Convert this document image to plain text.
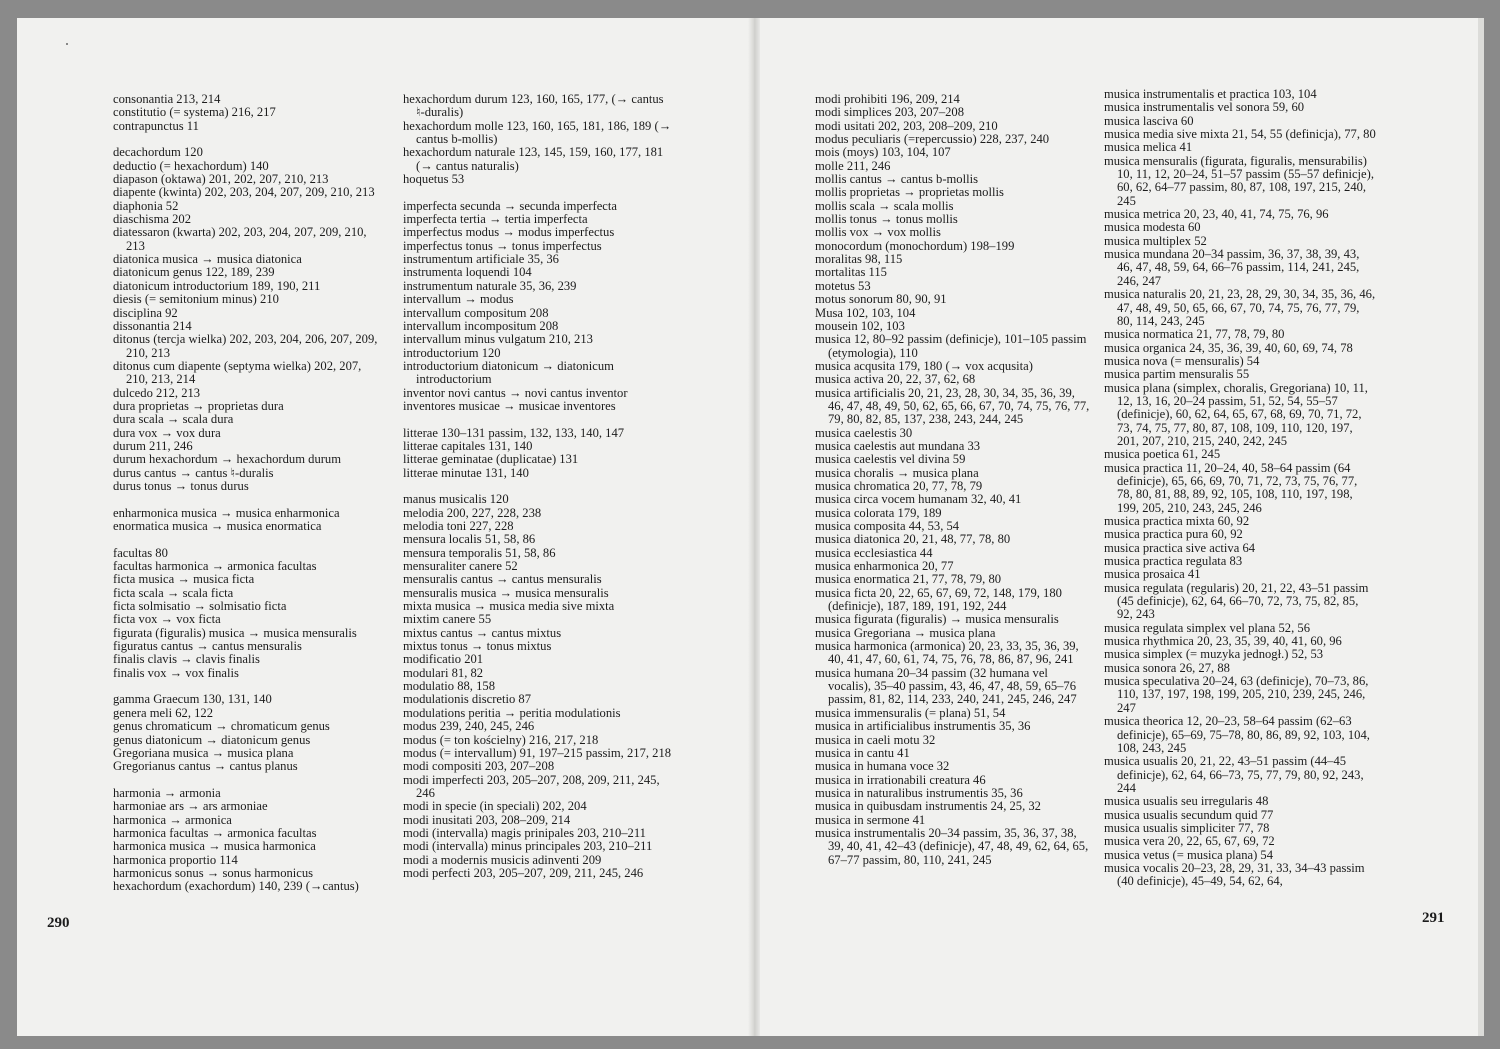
consonantia 213, 214
constitutio (= systema) 216, 217
contrapunctus 11
decachordum 120
deductio (= hexachordum) 140
diapason (oktawa) 201, 202, 207, 210, 213
diapente (kwinta) 202, 203, 204, 207, 209, 210, 213
diaphonia 52
diaschisma 202
diatessaron (kwarta) 202, 203, 204, 207, 209, 210, 213
diatonica musica → musica diatonica
diatonicum genus 122, 189, 239
diatonicum introductorium 189, 190, 211
diesis (= semitonium minus) 210
disciplina 92
dissonantia 214
ditonus (tercja wielka) 202, 203, 204, 206, 207, 209, 210, 213
ditonus cum diapente (septyma wielka) 202, 207, 210, 213, 214
dulcedo 212, 213
dura proprietas → proprietas dura
dura scala → scala dura
dura vox → vox dura
durum 211, 246
durum hexachordum → hexachordum durum
durus cantus → cantus ♮-duralis
durus tonus → tonus durus
enharmonica musica → musica enharmonica
enormatica musica → musica enormatica
facultas 80
facultas harmonica → armonica facultas
ficta musica → musica ficta
ficta scala → scala ficta
ficta solmisatio → solmisatio ficta
ficta vox → vox ficta
figurata (figuralis) musica → musica mensuralis
figuratus cantus → cantus mensuralis
finalis clavis → clavis finalis
finalis vox → vox finalis
gamma Graecum 130, 131, 140
genera meli 62, 122
genus chromaticum → chromaticum genus
genus diatonicum → diatonicum genus
Gregoriana musica → musica plana
Gregorianus cantus → cantus planus
harmonia → armonia
harmoniae ars → ars armoniae
harmonica → armonica
harmonica facultas → armonica facultas
harmonica musica → musica harmonica
harmonica proportio 114
harmonicus sonus → sonus harmonicus
hexachordum (exachordum) 140, 239 (→cantus)
hexachordum durum 123, 160, 165, 177, (→ cantus ♮-duralis)
hexachordum molle 123, 160, 165, 181, 186, 189 (→ cantus b-mollis)
hexachordum naturale 123, 145, 159, 160, 177, 181 (→ cantus naturalis)
hoquetus 53
imperfecta secunda → secunda imperfecta
imperfecta tertia → tertia imperfecta
imperfectus modus → modus imperfectus
imperfectus tonus → tonus imperfectus
instrumentum artificiale 35, 36
instrumenta loquendi 104
instrumentum naturale 35, 36, 239
intervallum → modus
intervallum compositum 208
intervallum incompositum 208
intervallum minus vulgatum 210, 213
introductorium 120
introductorium diatonicum → diatonicum introductorium
inventor novi cantus → novi cantus inventor
inventores musicae → musicae inventores
litterae 130–131 passim, 132, 133, 140, 147
litterae capitales 131, 140
litterae geminatae (duplicatae) 131
litterae minutae 131, 140
manus musicalis 120
melodia 200, 227, 228, 238
melodia toni 227, 228
mensura localis 51, 58, 86
mensura temporalis 51, 58, 86
mensuraliter canere 52
mensuralis cantus → cantus mensuralis
mensuralis musica → musica mensuralis
mixta musica → musica media sive mixta
mixtim canere 55
mixtus cantus → cantus mixtus
mixtus tonus → tonus mixtus
modificatio 201
modulari 81, 82
modulatio 88, 158
modulationis discretio 87
modulations peritia → peritia modulationis
modus 239, 240, 245, 246
modus (= ton kościelny) 216, 217, 218
modus (= intervallum) 91, 197–215 passim, 217, 218
modi compositi 203, 207–208
modi imperfecti 203, 205–207, 208, 209, 211, 245, 246
modi in specie (in speciali) 202, 204
modi inusitati 203, 208–209, 214
modi (intervalla) magis prinipales 203, 210–211
modi (intervalla) minus principales 203, 210–211
modi a modernis musicis adinventi 209
modi perfecti 203, 205–207, 209, 211, 245, 246
modi prohibiti 196, 209, 214
modi simplices 203, 207–208
modi usitati 202, 203, 208–209, 210
modus peculiaris (=repercussio) 228, 237, 240
mois (moys) 103, 104, 107
molle 211, 246
mollis cantus → cantus b-mollis
mollis proprietas → proprietas mollis
mollis scala → scala mollis
mollis tonus → tonus mollis
mollis vox → vox mollis
monocordum (monochordum) 198–199
moralitas 98, 115
mortalitas 115
motetus 53
motus sonorum 80, 90, 91
Musa 102, 103, 104
mousein 102, 103
musica 12, 80–92 passim (definicje), 101–105 passim (etymologia), 110
musica acqusita 179, 180 (→ vox acqusita)
musica activa 20, 22, 37, 62, 68
musica artificialis 20, 21, 23, 28, 30, 34, 35, 36, 39, 46, 47, 48, 49, 50, 62, 65, 66, 67, 70, 74, 75, 76, 77, 79, 80, 82, 85, 137, 238, 243, 244, 245
musica caelestis 30
musica caelestis aut mundana 33
musica caelestis vel divina 59
musica choralis → musica plana
musica chromatica 20, 77, 78, 79
musica circa vocem humanam 32, 40, 41
musica colorata 179, 189
musica composita 44, 53, 54
musica diatonica 20, 21, 48, 77, 78, 80
musica ecclesiastica 44
musica enharmonica 20, 77
musica enormatica 21, 77, 78, 79, 80
musica ficta 20, 22, 65, 67, 69, 72, 148, 179, 180 (definicje), 187, 189, 191, 192, 244
musica figurata (figuralis) → musica mensuralis
musica Gregoriana → musica plana
musica harmonica (armonica) 20, 23, 33, 35, 36, 39, 40, 41, 47, 60, 61, 74, 75, 76, 78, 86, 87, 96, 241
musica humana 20–34 passim (32 humana vel vocalis), 35–40 passim, 43, 46, 47, 48, 59, 65–76 passim, 81, 82, 114, 233, 240, 241, 245, 246, 247
musica immensuralis (= plana) 51, 54
musica in artificialibus instrumentis 35, 36
musica in caeli motu 32
musica in cantu 41
musica in humana voce 32
musica in irrationabili creatura 46
musica in naturalibus instrumentis 35, 36
musica in quibusdam instrumentis 24, 25, 32
musica in sermone 41
musica instrumentalis 20–34 passim, 35, 36, 37, 38, 39, 40, 41, 42–43 (definicje), 47, 48, 49, 62, 64, 65, 67–77 passim, 80, 110, 241, 245
musica instrumentalis et practica 103, 104
musica instrumentalis vel sonora 59, 60
musica lasciva 60
musica media sive mixta 21, 54, 55 (definicja), 77, 80
musica melica 41
musica mensuralis (figurata, figuralis, mensurabilis) 10, 11, 12, 20–24, 51–57 passim (55–57 definicje), 60, 62, 64–77 passim, 80, 87, 108, 197, 215, 240, 245
musica metrica 20, 23, 40, 41, 74, 75, 76, 96
musica modesta 60
musica multiplex 52
musica mundana 20–34 passim, 36, 37, 38, 39, 43, 46, 47, 48, 59, 64, 66–76 passim, 114, 241, 245, 246, 247
musica naturalis 20, 21, 23, 28, 29, 30, 34, 35, 36, 46, 47, 48, 49, 50, 65, 66, 67, 70, 74, 75, 76, 77, 79, 80, 114, 243, 245
musica normatica 21, 77, 78, 79, 80
musica organica 24, 35, 36, 39, 40, 60, 69, 74, 78
musica nova (= mensuralis) 54
musica partim mensuralis 55
musica plana (simplex, choralis, Gregoriana) 10, 11, 12, 13, 16, 20–24 passim, 51, 52, 54, 55–57 (definicje), 60, 62, 64, 65, 67, 68, 69, 70, 71, 72, 73, 74, 75, 77, 80, 87, 108, 109, 110, 120, 197, 201, 207, 210, 215, 240, 242, 245
musica poetica 61, 245
musica practica 11, 20–24, 40, 58–64 passim (64 definicje), 65, 66, 69, 70, 71, 72, 73, 75, 76, 77, 78, 80, 81, 88, 89, 92, 105, 108, 110, 197, 198, 199, 205, 210, 243, 245, 246
musica practica mixta 60, 92
musica practica pura 60, 92
musica practica sive activa 64
musica practica regulata 83
musica prosaica 41
musica regulata (regularis) 20, 21, 22, 43–51 passim (45 definicje), 62, 64, 66–70, 72, 73, 75, 82, 85, 92, 243
musica regulata simplex vel plana 52, 56
musica rhythmica 20, 23, 35, 39, 40, 41, 60, 96
musica simplex (= muzyka jednogł.) 52, 53
musica sonora 26, 27, 88
musica speculativa 20–24, 63 (definicje), 70–73, 86, 110, 137, 197, 198, 199, 205, 210, 239, 245, 246, 247
musica theorica 12, 20–23, 58–64 passim (62–63 definicje), 65–69, 75–78, 80, 86, 89, 92, 103, 104, 108, 243, 245
musica usualis 20, 21, 22, 43–51 passim (44–45 definicje), 62, 64, 66–73, 75, 77, 79, 80, 92, 243, 244
musica usualis seu irregularis 48
musica usualis secundum quid 77
musica usualis simpliciter 77, 78
musica vera 20, 22, 65, 67, 69, 72
musica vetus (= musica plana) 54
musica vocalis 20–23, 28, 29, 31, 33, 34–43 passim (40 definicje), 45–49, 54, 62, 64,
290	291
